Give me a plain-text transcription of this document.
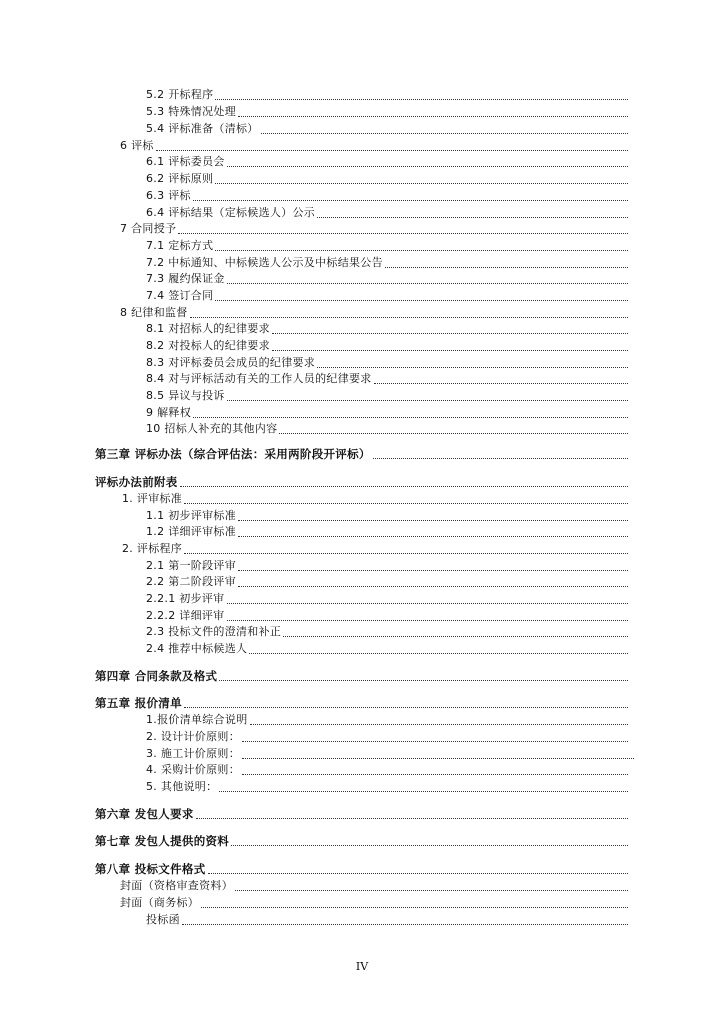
5.2 开标程序
5.3 特殊情况处理
5.4 评标准备（清标）
6 评标
6.1 评标委员会
6.2 评标原则
6.3 评标
6.4 评标结果（定标候选人）公示
7 合同授予
7.1 定标方式
7.2 中标通知、中标候选人公示及中标结果公告
7.3 履约保证金
7.4 签订合同
8 纪律和监督
8.1 对招标人的纪律要求
8.2 对投标人的纪律要求
8.3 对评标委员会成员的纪律要求
8.4 对与评标活动有关的工作人员的纪律要求
8.5 异议与投诉
9 解释权
10 招标人补充的其他内容
第三章 评标办法（综合评估法：采用两阶段开评标）
评标办法前附表
1. 评审标准
1.1 初步评审标准
1.2 详细评审标准
2. 评标程序
2.1 第一阶段评审
2.2 第二阶段评审
2.2.1 初步评审
2.2.2 详细评审
2.3 投标文件的澄清和补正
2.4 推荐中标候选人
第四章 合同条款及格式
第五章 报价清单
1.报价清单综合说明
2. 设计计价原则：
3. 施工计价原则：
4. 采购计价原则：
5. 其他说明：
第六章 发包人要求
第七章 发包人提供的资料
第八章 投标文件格式
封面（资格审查资料）
封面（商务标）
投标函
IV
